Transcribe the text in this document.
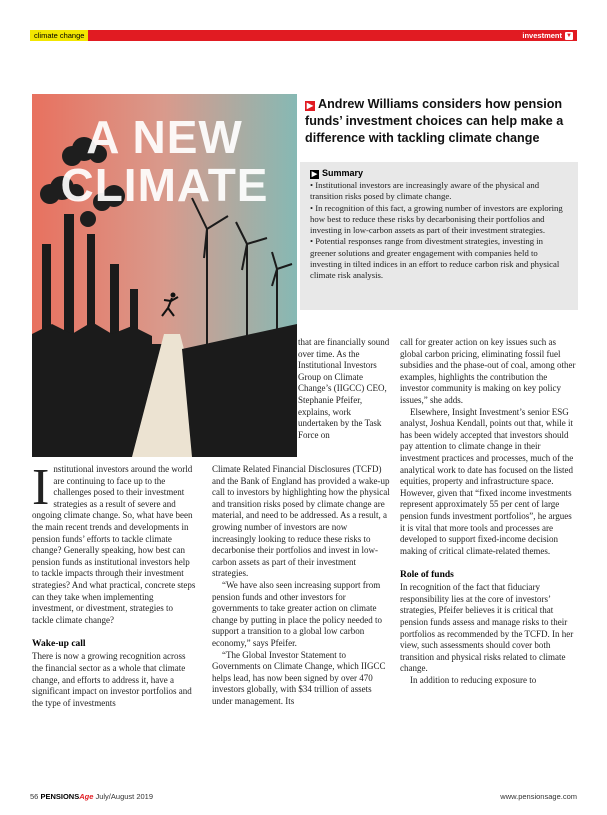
climate change	investment ▼
A NEW
CLIMATE
▶ Andrew Williams considers how pension funds’ investment choices can help make a difference with tackling climate change
▶ Summary

• Institutional investors are increasingly aware of the physical and transition risks posed by climate change.

• In recognition of this fact, a growing number of investors are exploring how best to reduce these risks by decarbonising their portfolios and investing in low-carbon assets as part of their investment strategies.

• Potential responses range from divestment strategies, investing in greener solutions and greater engagement with companies held to investing in tilted indices in an effort to reduce carbon risk and physical climate risk analysis.

Institutional investors around the world are continuing to face up to the challenges posed to their investment strategies as a result of severe and ongoing climate change. So, what have been the main recent trends and developments in pension funds’ efforts to tackle climate change? Generally speaking, how best can pension funds as institutional investors help to tackle impacts through their investment strategies? And what practical, concrete steps can they take when implementing investment, or divestment, strategies to tackle climate change?

Wake-up call

There is now a growing recognition across the financial sector as a whole that climate change, and efforts to address it, have a significant impact on investor portfolios and the type of investments

that are financially sound over time. As the Institutional Investors Group on Climate Change’s (IIGCC) CEO, Stephanie Pfeifer, explains, work undertaken by the Task Force on

Climate Related Financial Disclosures (TCFD) and the Bank of England has provided a wake-up call to investors by highlighting how the physical and transition risks posed by climate change are material, and need to be addressed. As a result, a growing number of investors are now increasingly looking to reduce these risks to decarbonise their portfolios and invest in low-carbon assets as part of their investment strategies.

“We have also seen increasing support from pension funds and other investors for governments to take greater action on climate change by putting in place the policy needed to support a transition to a global low carbon economy,” says Pfeifer.

“The Global Investor Statement to Governments on Climate Change, which IIGCC helps lead, has now been signed by over 470 investors globally, with $34 trillion of assets under management. Its

call for greater action on key issues such as global carbon pricing, eliminating fossil fuel subsidies and the phase-out of coal, among other examples, highlights the contribution the investor community is making on key policy issues,” she adds.

Elsewhere, Insight Investment’s senior ESG analyst, Joshua Kendall, points out that, while it has been widely accepted that investors should pay attention to climate change in their investment practices and processes, much of the analytical work to date has focused on the listed equities, property and infrastructure space. However, given that “fixed income investments represent approximately 55 per cent of large pension funds investment portfolios”, he argues it is vital that more tools and processes are developed to support fixed-income decision making of critical climate-related themes.

Role of funds

In recognition of the fact that fiduciary responsibility lies at the core of investors’ strategies, Pfeifer believes it is critical that pension funds assess and manage risks to their portfolios as recommended by the TCFD. In her view, such assessments should cover both transition and physical risks related to climate change.

In addition to reducing exposure to

56 PENSIONSAge July/August 2019	www.pensionsage.com
